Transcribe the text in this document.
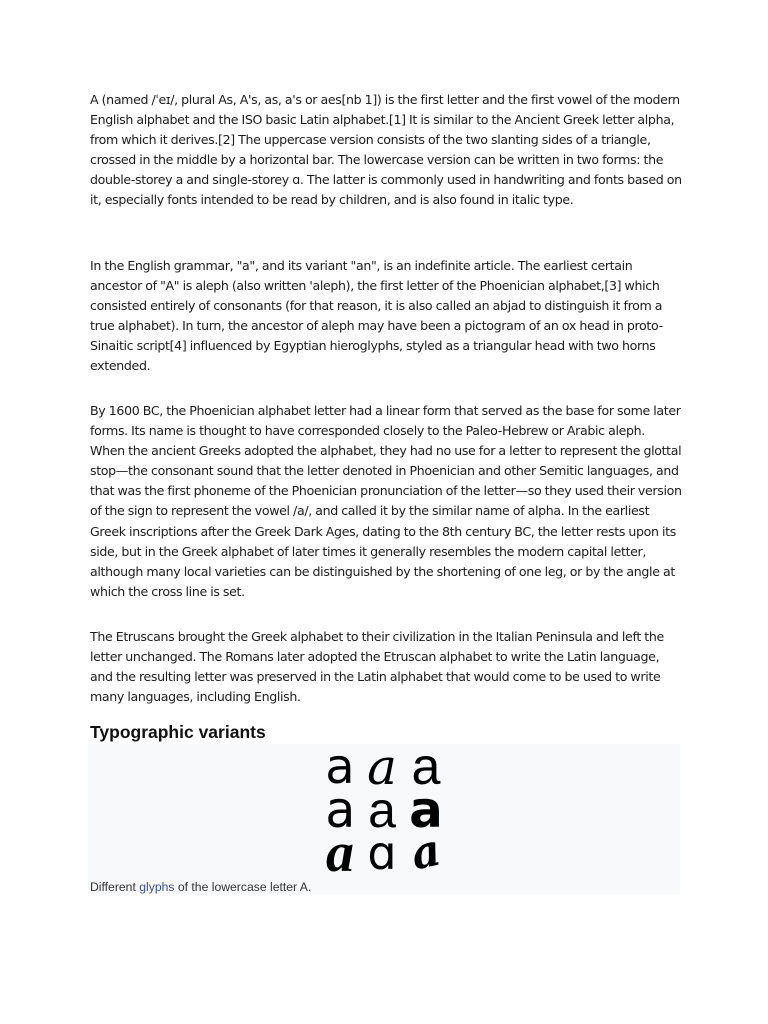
A (named /ˈeɪ/, plural As, A's, as, a's or aes[nb 1]) is the first letter and the first vowel of the modern English alphabet and the ISO basic Latin alphabet.[1] It is similar to the Ancient Greek letter alpha, from which it derives.[2] The uppercase version consists of the two slanting sides of a triangle, crossed in the middle by a horizontal bar. The lowercase version can be written in two forms: the double-storey a and single-storey ɑ. The latter is commonly used in handwriting and fonts based on it, especially fonts intended to be read by children, and is also found in italic type.

In the English grammar, "a", and its variant "an", is an indefinite article. The earliest certain ancestor of "A" is aleph (also written 'aleph), the first letter of the Phoenician alphabet,[3] which consisted entirely of consonants (for that reason, it is also called an abjad to distinguish it from a true alphabet). In turn, the ancestor of aleph may have been a pictogram of an ox head in proto-Sinaitic script[4] influenced by Egyptian hieroglyphs, styled as a triangular head with two horns extended.

By 1600 BC, the Phoenician alphabet letter had a linear form that served as the base for some later forms. Its name is thought to have corresponded closely to the Paleo-Hebrew or Arabic aleph. When the ancient Greeks adopted the alphabet, they had no use for a letter to represent the glottal stop—the consonant sound that the letter denoted in Phoenician and other Semitic languages, and that was the first phoneme of the Phoenician pronunciation of the letter—so they used their version of the sign to represent the vowel /a/, and called it by the similar name of alpha. In the earliest Greek inscriptions after the Greek Dark Ages, dating to the 8th century BC, the letter rests upon its side, but in the Greek alphabet of later times it generally resembles the modern capital letter, although many local varieties can be distinguished by the shortening of one leg, or by the angle at which the cross line is set.

The Etruscans brought the Greek alphabet to their civilization in the Italian Peninsula and left the letter unchanged. The Romans later adopted the Etruscan alphabet to write the Latin language, and the resulting letter was preserved in the Latin alphabet that would come to be used to write many languages, including English.

Typographic variants
a a a
a a a
a ɑ a

Different glyphs of the lowercase letter A.
